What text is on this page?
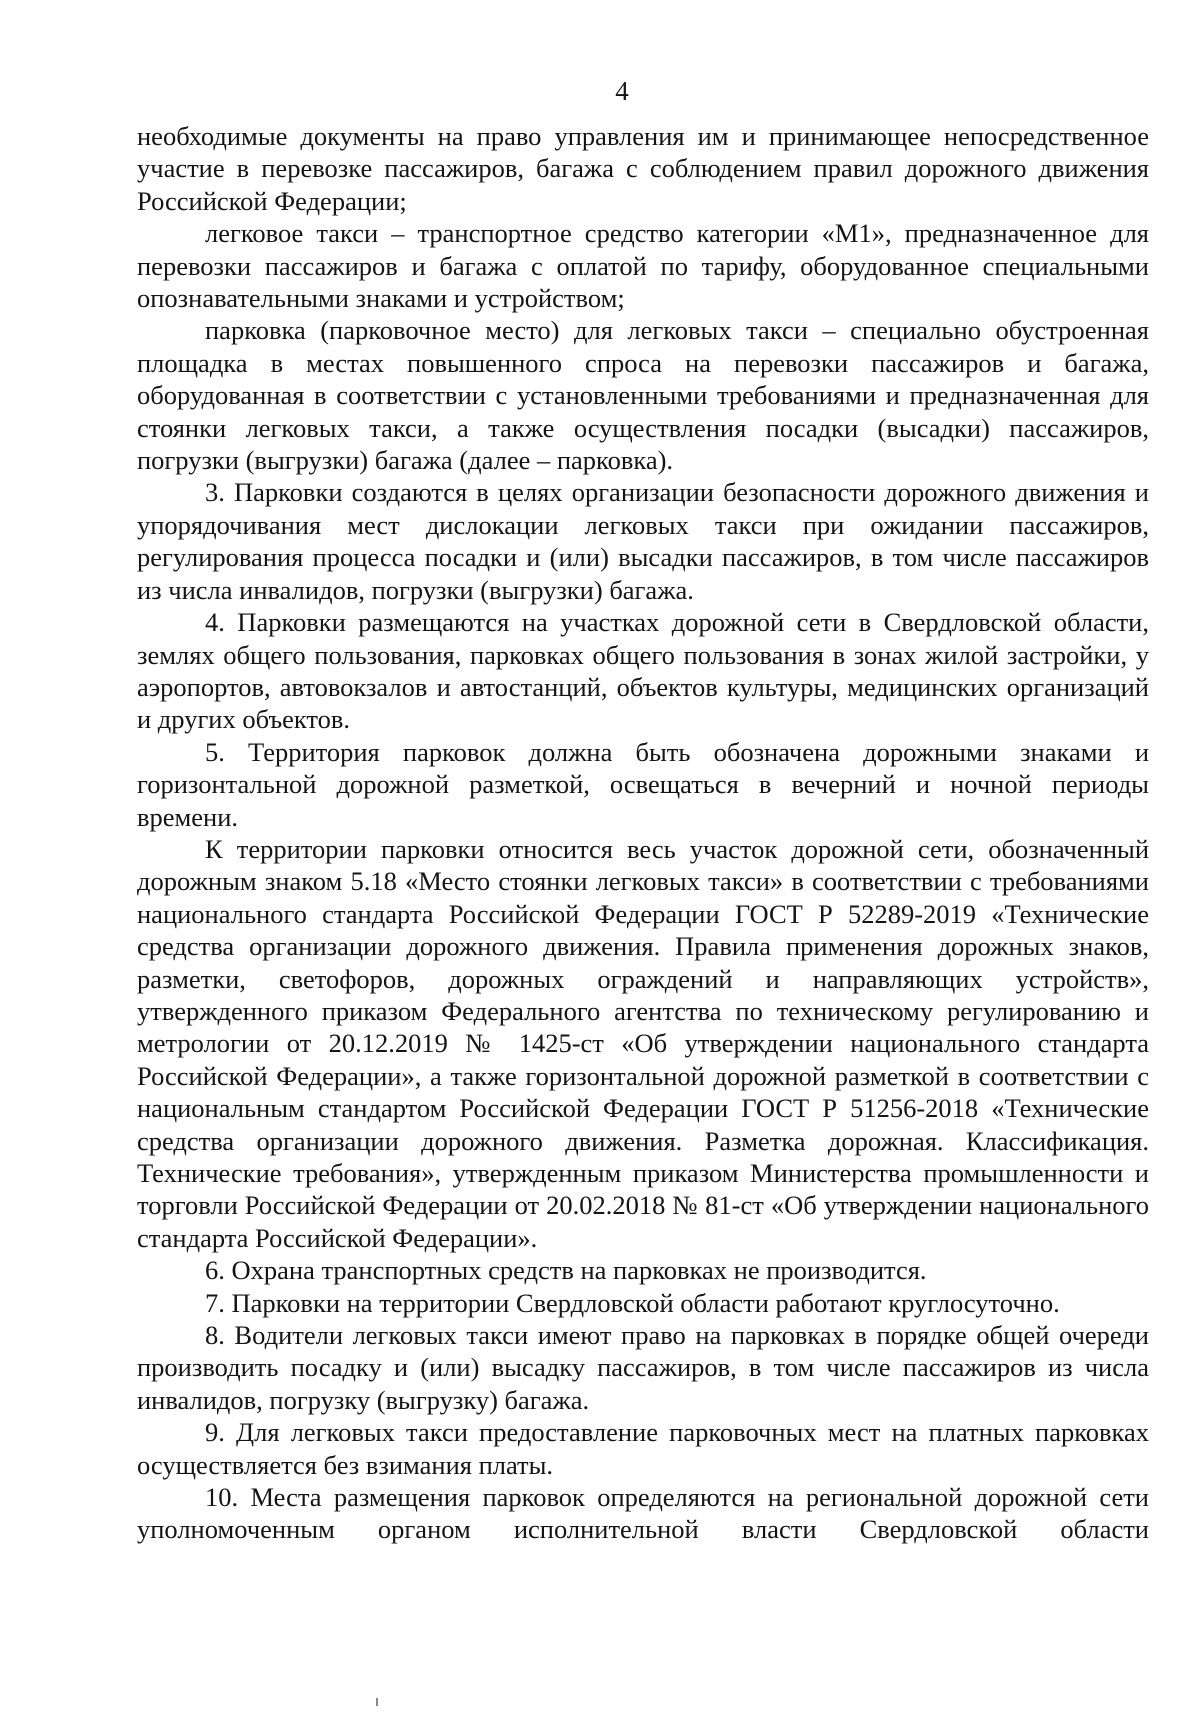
4

необходимые документы на право управления им и принимающее непосредственное участие в перевозке пассажиров, багажа с соблюдением правил дорожного движения Российской Федерации;

легковое такси – транспортное средство категории «M1», предназначенное для перевозки пассажиров и багажа с оплатой по тарифу, оборудованное специальными опознавательными знаками и устройством;

парковка (парковочное место) для легковых такси – специально обустроенная площадка в местах повышенного спроса на перевозки пассажиров и багажа, оборудованная в соответствии с установленными требованиями и предназначенная для стоянки легковых такси, а также осуществления посадки (высадки) пассажиров, погрузки (выгрузки) багажа (далее – парковка).

3. Парковки создаются в целях организации безопасности дорожного движения и упорядочивания мест дислокации легковых такси при ожидании пассажиров, регулирования процесса посадки и (или) высадки пассажиров, в том числе пассажиров из числа инвалидов, погрузки (выгрузки) багажа.

4. Парковки размещаются на участках дорожной сети в Свердловской области, землях общего пользования, парковках общего пользования в зонах жилой застройки, у аэропортов, автовокзалов и автостанций, объектов культуры, медицинских организаций и других объектов.

5. Территория парковок должна быть обозначена дорожными знаками и горизонтальной дорожной разметкой, освещаться в вечерний и ночной периоды времени.

К территории парковки относится весь участок дорожной сети, обозначенный дорожным знаком 5.18 «Место стоянки легковых такси» в соответствии с требованиями национального стандарта Российской Федерации ГОСТ Р 52289-2019 «Технические средства организации дорожного движения. Правила применения дорожных знаков, разметки, светофоров, дорожных ограждений и направляющих устройств», утвержденного приказом Федерального агентства по техническому регулированию и метрологии от 20.12.2019 № 1425-ст «Об утверждении национального стандарта Российской Федерации», а также горизонтальной дорожной разметкой в соответствии с национальным стандартом Российской Федерации ГОСТ Р 51256-2018 «Технические средства организации дорожного движения. Разметка дорожная. Классификация. Технические требования», утвержденным приказом Министерства промышленности и торговли Российской Федерации от 20.02.2018 № 81-ст «Об утверждении национального стандарта Российской Федерации».

6. Охрана транспортных средств на парковках не производится.

7. Парковки на территории Свердловской области работают круглосуточно.

8. Водители легковых такси имеют право на парковках в порядке общей очереди производить посадку и (или) высадку пассажиров, в том числе пассажиров из числа инвалидов, погрузку (выгрузку) багажа.

9. Для легковых такси предоставление парковочных мест на платных парковках осуществляется без взимания платы.

10. Места размещения парковок определяются на региональной дорожной сети уполномоченным органом исполнительной власти Свердловской области
